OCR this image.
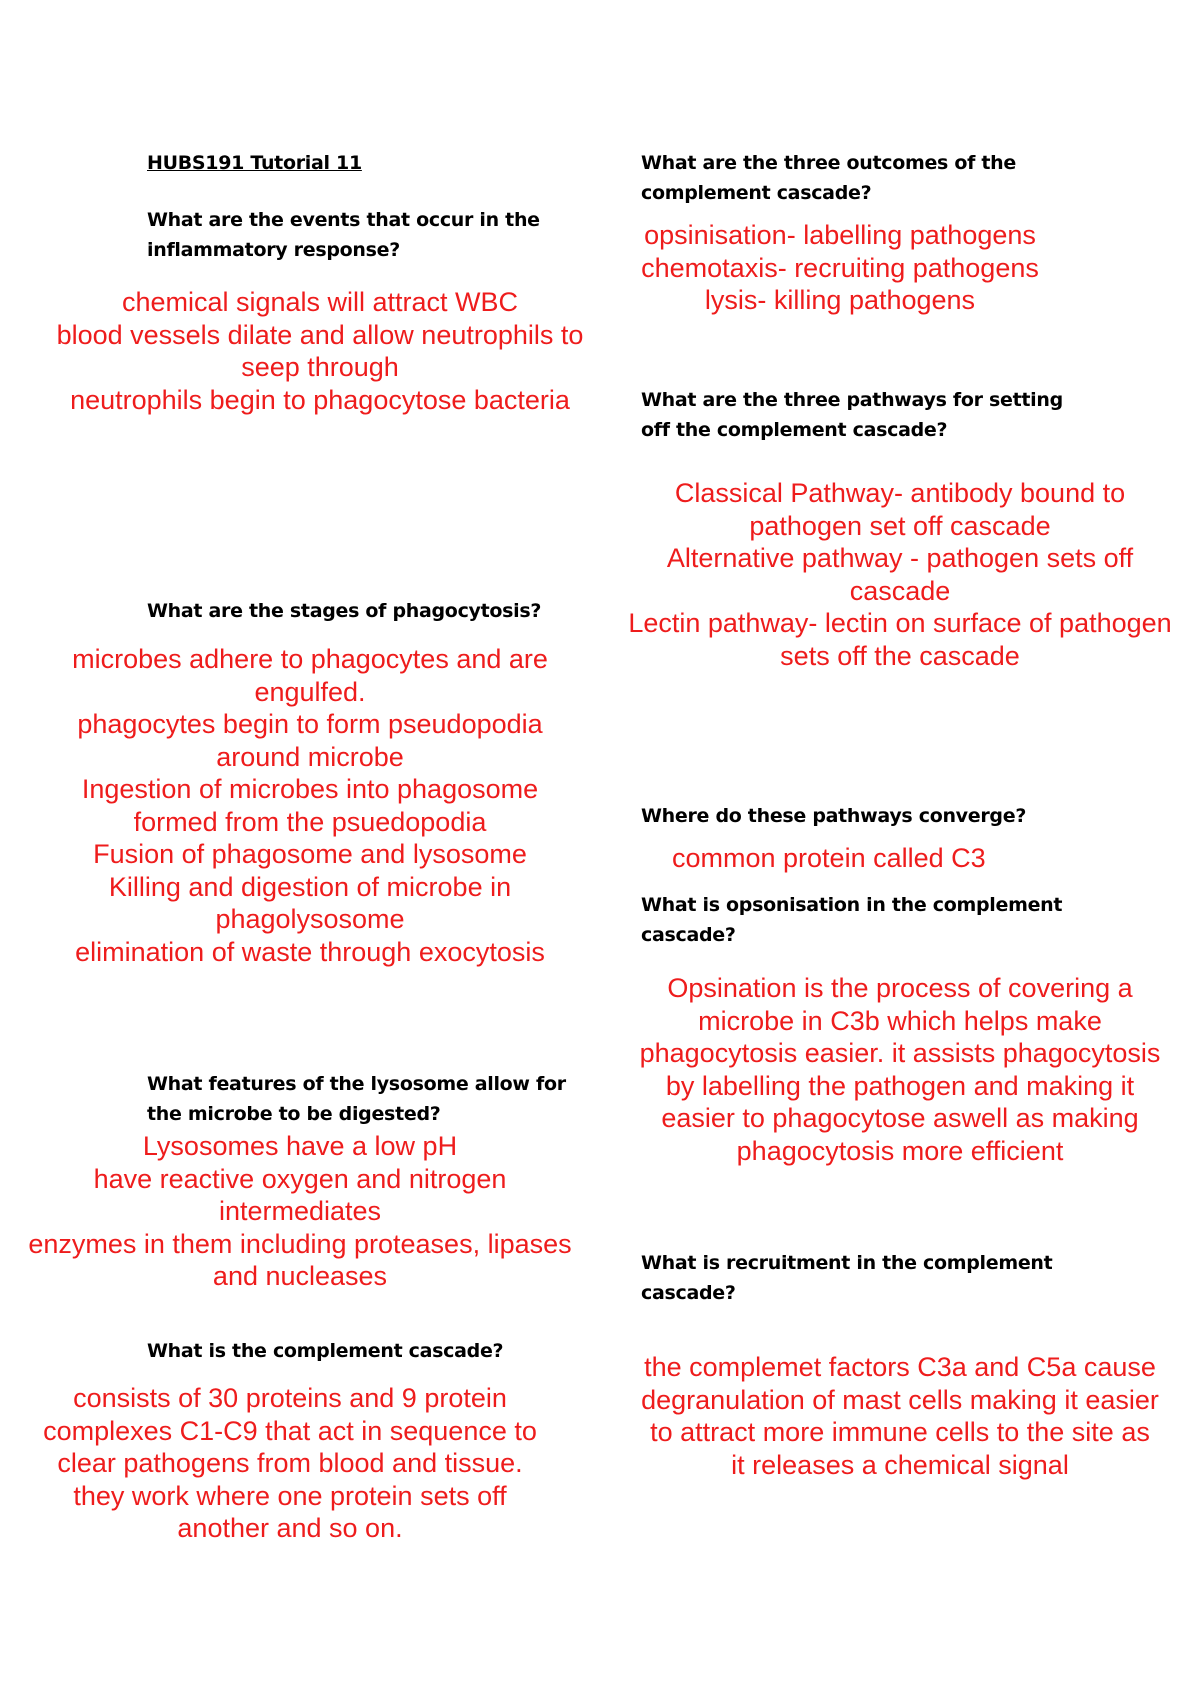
HUBS191 Tutorial 11
What are the events that occur in the
inflammatory response?
chemical signals will attract WBC
blood vessels dilate and allow neutrophils to
seep through
neutrophils begin to phagocytose bacteria
What are the stages of phagocytosis?
microbes adhere to phagocytes and are
engulfed.
phagocytes begin to form pseudopodia
around microbe
Ingestion of microbes into phagosome
formed from the psuedopodia
Fusion of phagosome and lysosome
Killing and digestion of microbe in
phagolysosome
elimination of waste through exocytosis
What features of the lysosome allow for
the microbe to be digested?
Lysosomes have a low pH
have reactive oxygen and nitrogen
intermediates
enzymes in them including proteases, lipases
and nucleases
What is the complement cascade?
consists of 30 proteins and 9 protein
complexes C1-C9 that act in sequence to
clear pathogens from blood and tissue.
they work where one protein sets off
another and so on.
What are the three outcomes of the
complement cascade?
opsinisation- labelling pathogens
chemotaxis- recruiting pathogens
lysis- killing pathogens
What are the three pathways for setting
off the complement cascade?
Classical Pathway- antibody bound to
pathogen set off cascade
Alternative pathway - pathogen sets off
cascade
Lectin pathway- lectin on surface of pathogen
sets off the cascade
Where do these pathways converge?
common protein called C3
What is opsonisation in the complement
cascade?
Opsination is the process of covering a
microbe in C3b which helps make
phagocytosis easier. it assists phagocytosis
by labelling the pathogen and making it
easier to phagocytose aswell as making
phagocytosis more efficient
What is recruitment in the complement
cascade?
the complemet factors C3a and C5a cause
degranulation of mast cells making it easier
to attract more immune cells to the site as
it releases a chemical signal
